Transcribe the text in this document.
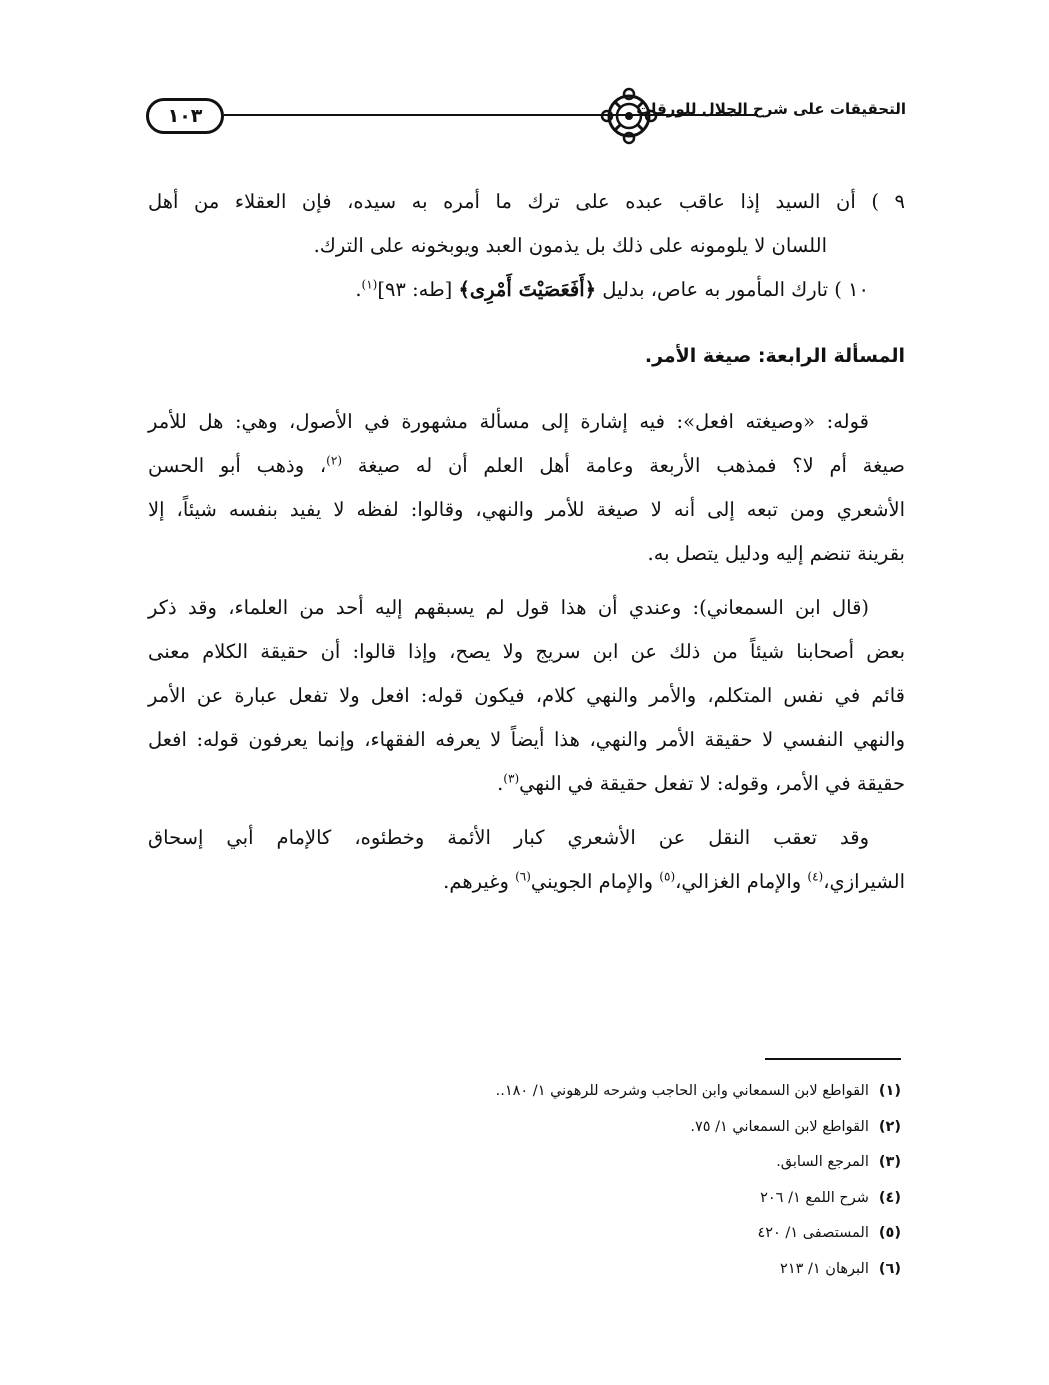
١٠٣	التحقيقات على شرح الجلال للورقات
٩ ) أن السيد إذا عاقب عبده على ترك ما أمره به سيده، فإن العقلاء من أهل
اللسان لا يلومونه على ذلك بل يذمون العبد ويوبخونه على الترك.
١٠ ) تارك المأمور به عاص، بدليل ﴿أَفَعَصَيْتَ أَمْرِى﴾ [طه: ٩٣]$^{(١)}$.
المسألة الرابعة: صيغة الأمر.
قوله: «وصيغته افعل»: فيه إشارة إلى مسألة مشهورة في الأصول، وهي: هل للأمر
صيغة أم لا؟ فمذهب الأربعة وعامة أهل العلم أن له صيغة $^{(٢)}$، وذهب أبو الحسن
الأشعري ومن تبعه إلى أنه لا صيغة للأمر والنهي، وقالوا: لفظه لا يفيد بنفسه شيئاً، إلا
بقرينة تنضم إليه ودليل يتصل به.
(قال ابن السمعاني): وعندي أن هذا قول لم يسبقهم إليه أحد من العلماء، وقد ذكر
بعض أصحابنا شيئاً من ذلك عن ابن سريج ولا يصح، وإذا قالوا: أن حقيقة الكلام معنى
قائم في نفس المتكلم، والأمر والنهي كلام، فيكون قوله: افعل ولا تفعل عبارة عن الأمر
والنهي النفسي لا حقيقة الأمر والنهي، هذا أيضاً لا يعرفه الفقهاء، وإنما يعرفون قوله: افعل
حقيقة في الأمر، وقوله: لا تفعل حقيقة في النهي$^{(٣)}$.
وقد تعقب النقل عن الأشعري كبار الأئمة وخطئوه، كالإمام أبي إسحاق
الشيرازي،$^{(٤)}$ والإمام الغزالي،$^{(٥)}$ والإمام الجويني$^{(٦)}$ وغيرهم.
(١)القواطع لابن السمعاني وابن الحاجب وشرحه للرهوني ١/ ١٨٠..
(٢)القواطع لابن السمعاني ١/ ٧٥.
(٣)المرجع السابق.
(٤)شرح اللمع ١/ ٢٠٦
(٥)المستصفى ١/ ٤٢٠
(٦)البرهان ١/ ٢١٣
